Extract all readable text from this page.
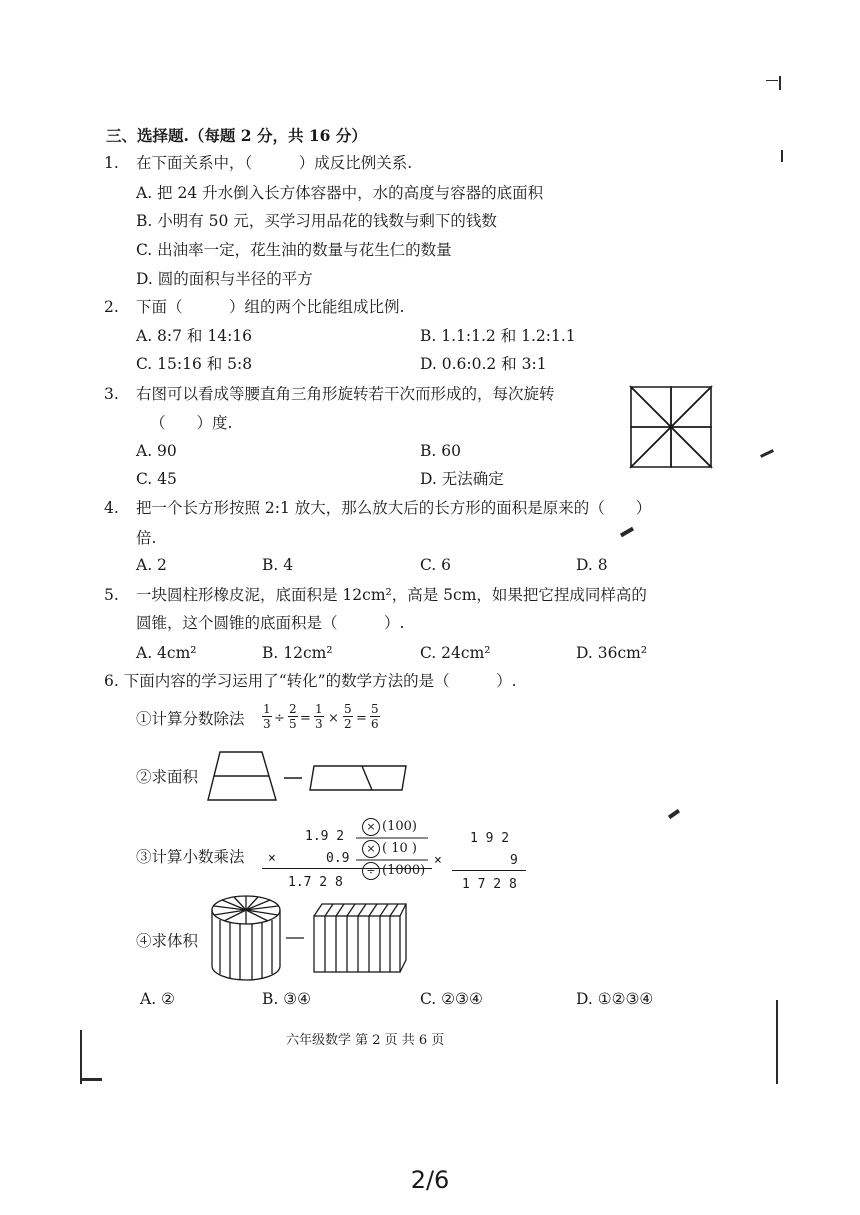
三、选择题.（每题 2 分，共 16 分）
1. 在下面关系中，（　　　）成反比例关系.
A. 把 24 升水倒入长方体容器中，水的高度与容器的底面积
B. 小明有 50 元，买学习用品花的钱数与剩下的钱数
C. 出油率一定，花生油的数量与花生仁的数量
D. 圆的面积与半径的平方
2. 下面（　　　）组的两个比能组成比例.
A. 8:7 和 14:16	B. 1.1:1.2 和 1.2:1.1
C. 15:16 和 5:8	D. 0.6:0.2 和 3:1
3. 右图可以看成等腰直角三角形旋转若干次而形成的，每次旋转
（　　）度.
A. 90	B. 60
C. 45	D. 无法确定
4. 把一个长方形按照 2:1 放大，那么放大后的长方形的面积是原来的（　　）
倍.
A. 2	B. 4	C. 6	D. 8
5. 一块圆柱形橡皮泥，底面积是 12cm²，高是 5cm，如果把它捏成同样高的
圆锥，这个圆锥的底面积是（　　　）.
A. 4cm²	B. 12cm²	C. 24cm²	D. 36cm²
6. 下面内容的学习运用了“转化”的数学方法的是（　　　）.
①计算分数除法 $\frac{1}{3} \div \frac{2}{5} = \frac{1}{3} \times \frac{5}{2} = \frac{5}{6}$
②求面积
③计算小数乘法
1.9 2
×	0.9
1.7 2 8
× (100)
× ( 10 )
÷ (1000)
1 9 2
×	9
1 7 2 8
④求体积
A. ②	B. ③④	C. ②③④	D. ①②③④
六年级数学 第 2 页 共 6 页
2/6
